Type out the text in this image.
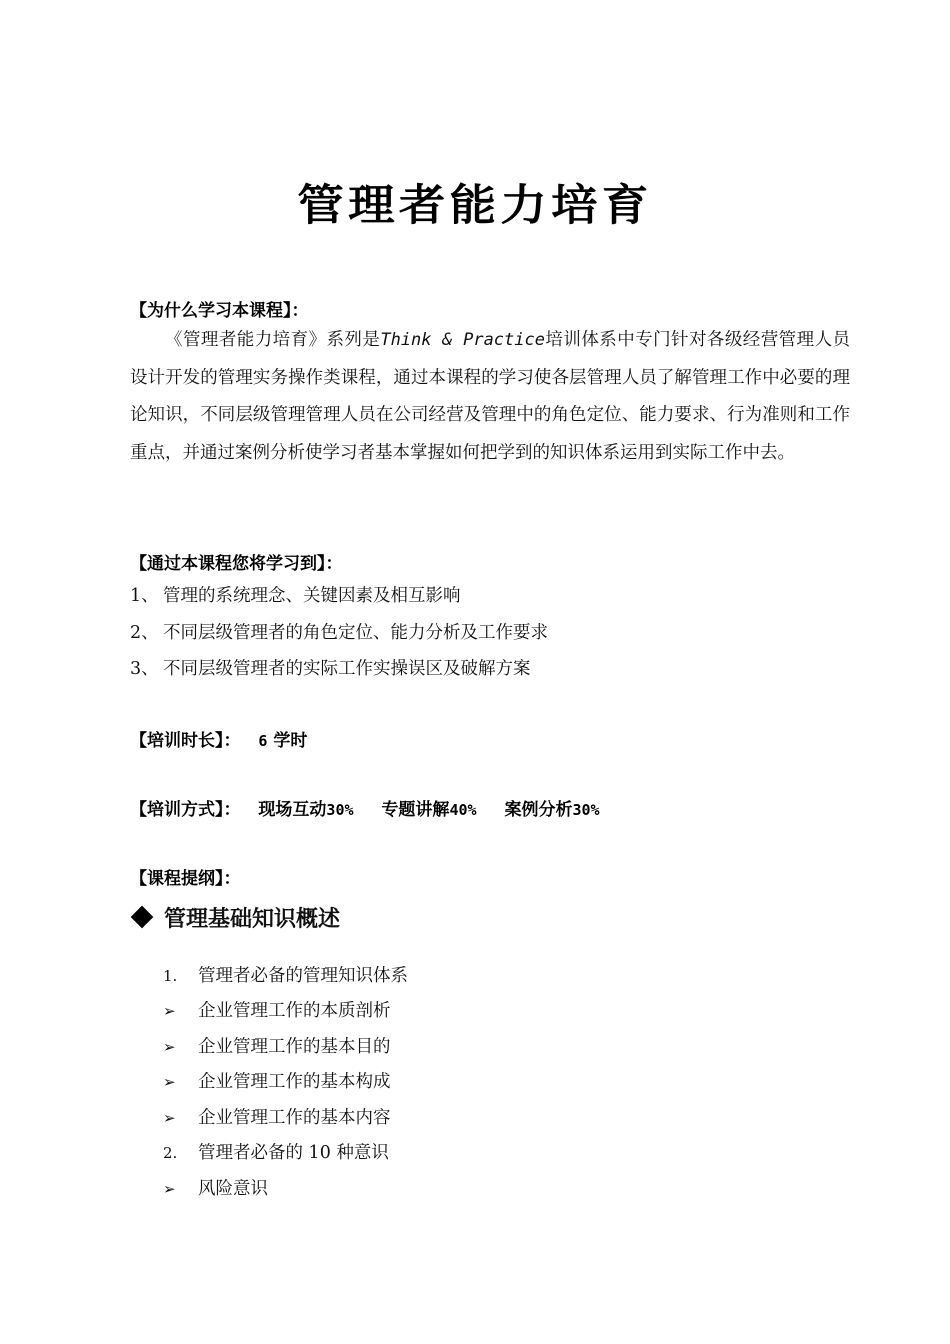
管理者能力培育
【为什么学习本课程】：

《管理者能力培育》系列是Think & Practice培训体系中专门针对各级经营管理人员设计开发的管理实务操作类课程，通过本课程的学习使各层管理人员了解管理工作中必要的理论知识，不同层级管理管理人员在公司经营及管理中的角色定位、能力要求、行为准则和工作重点，并通过案例分析使学习者基本掌握如何把学到的知识体系运用到实际工作中去。

【通过本课程您将学习到】：
1、 管理的系统理念、关键因素及相互影响
2、 不同层级管理者的角色定位、能力分析及工作要求
3、 不同层级管理者的实际工作实操误区及破解方案
【培训时长】： 6 学时
【培训方式】： 现场互动30% 专题讲解40% 案例分析30%
【课程提纲】：
管理基础知识概述
1. 管理者必备的管理知识体系
➢ 企业管理工作的本质剖析
➢ 企业管理工作的基本目的
➢ 企业管理工作的基本构成
➢ 企业管理工作的基本内容
2. 管理者必备的 10 种意识
➢ 风险意识
